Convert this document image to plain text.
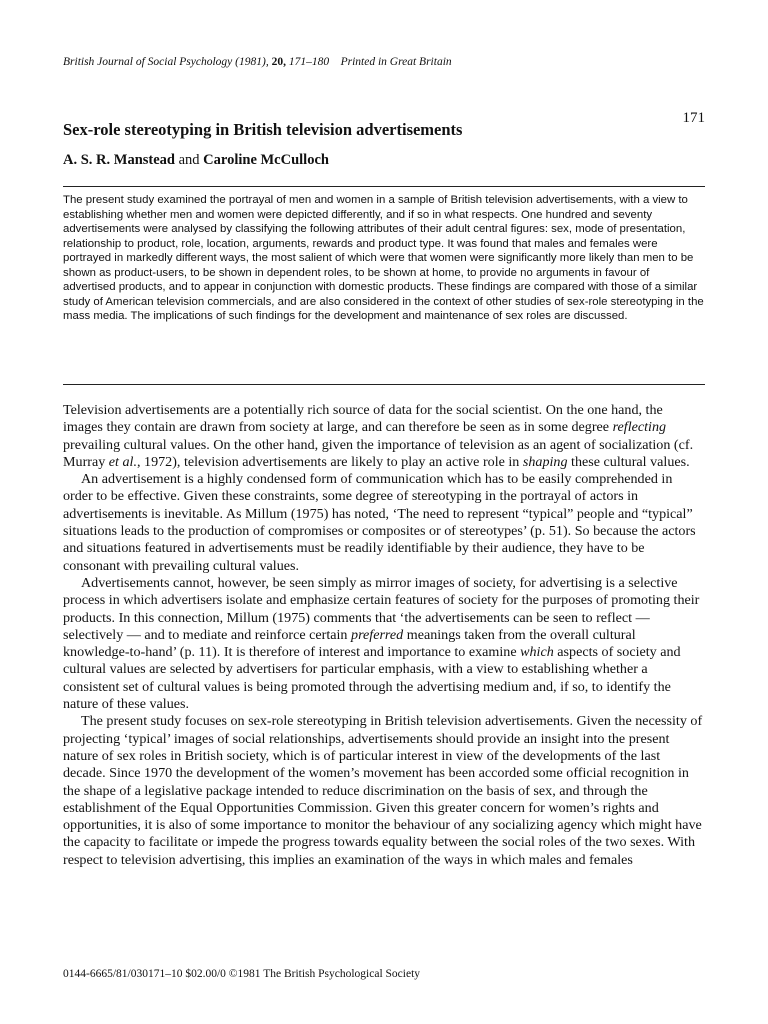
British Journal of Social Psychology (1981), 20, 171–180 Printed in Great Britain
171
Sex-role stereotyping in British television advertisements
A. S. R. Manstead and Caroline McCulloch

The present study examined the portrayal of men and women in a sample of British television advertisements, with a view to establishing whether men and women were depicted differently, and if so in what respects. One hundred and seventy advertisements were analysed by classifying the following attributes of their adult central figures: sex, mode of presentation, relationship to product, role, location, arguments, rewards and product type. It was found that males and females were portrayed in markedly different ways, the most salient of which were that women were significantly more likely than men to be shown as product-users, to be shown in dependent roles, to be shown at home, to provide no arguments in favour of advertised products, and to appear in conjunction with domestic products. These findings are compared with those of a similar study of American television commercials, and are also considered in the context of other studies of sex-role stereotyping in the mass media. The implications of such findings for the development and maintenance of sex roles are discussed.

Television advertisements are a potentially rich source of data for the social scientist. On the one hand, the images they contain are drawn from society at large, and can therefore be seen as in some degree reflecting prevailing cultural values. On the other hand, given the importance of television as an agent of socialization (cf. Murray et al., 1972), television advertisements are likely to play an active role in shaping these cultural values.

An advertisement is a highly condensed form of communication which has to be easily comprehended in order to be effective. Given these constraints, some degree of stereotyping in the portrayal of actors in advertisements is inevitable. As Millum (1975) has noted, ‘The need to represent “typical” people and “typical” situations leads to the production of compromises or composites or of stereotypes’ (p. 51). So because the actors and situations featured in advertisements must be readily identifiable by their audience, they have to be consonant with prevailing cultural values.

Advertisements cannot, however, be seen simply as mirror images of society, for advertising is a selective process in which advertisers isolate and emphasize certain features of society for the purposes of promoting their products. In this connection, Millum (1975) comments that ‘the advertisements can be seen to reflect — selectively — and to mediate and reinforce certain preferred meanings taken from the overall cultural knowledge-to-hand’ (p. 11). It is therefore of interest and importance to examine which aspects of society and cultural values are selected by advertisers for particular emphasis, with a view to establishing whether a consistent set of cultural values is being promoted through the advertising medium and, if so, to identify the nature of these values.

The present study focuses on sex-role stereotyping in British television advertisements. Given the necessity of projecting ‘typical’ images of social relationships, advertisements should provide an insight into the present nature of sex roles in British society, which is of particular interest in view of the developments of the last decade. Since 1970 the development of the women’s movement has been accorded some official recognition in the shape of a legislative package intended to reduce discrimination on the basis of sex, and through the establishment of the Equal Opportunities Commission. Given this greater concern for women’s rights and opportunities, it is also of some importance to monitor the behaviour of any socializing agency which might have the capacity to facilitate or impede the progress towards equality between the social roles of the two sexes. With respect to television advertising, this implies an examination of the ways in which males and females

0144-6665/81/030171–10 $02.00/0 ©1981 The British Psychological Society
